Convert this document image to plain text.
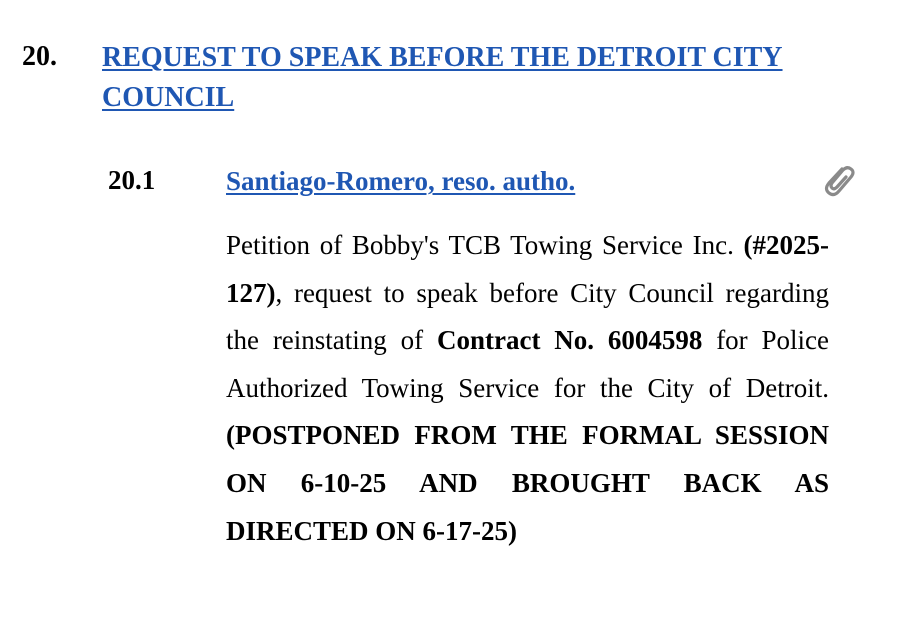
20. REQUEST TO SPEAK BEFORE THE DETROIT CITY COUNCIL
20.1	Santiago-Romero, reso. autho.
Petition of Bobby's TCB Towing Service Inc. (#2025-127), request to speak before City Council regarding the reinstating of Contract No. 6004598 for Police Authorized Towing Service for the City of Detroit. (POSTPONED FROM THE FORMAL SESSION ON 6-10-25 AND BROUGHT BACK AS DIRECTED ON 6-17-25)
